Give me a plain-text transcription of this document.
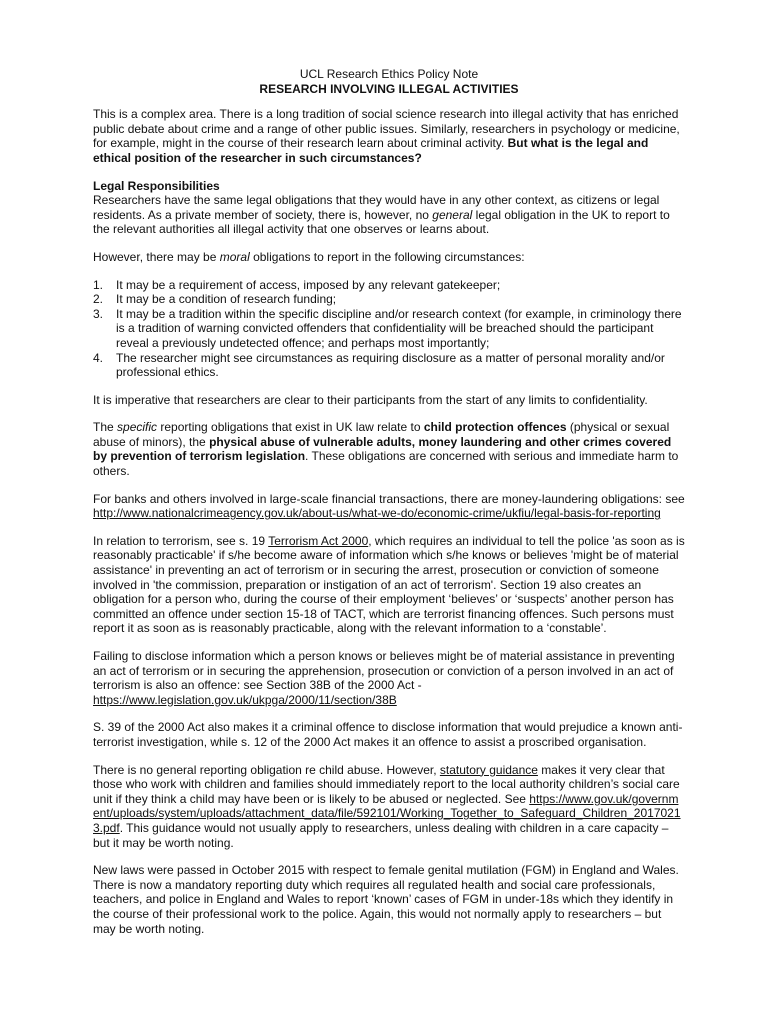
UCL Research Ethics Policy Note
RESEARCH INVOLVING ILLEGAL ACTIVITIES

This is a complex area. There is a long tradition of social science research into illegal activity that has enriched public debate about crime and a range of other public issues. Similarly, researchers in psychology or medicine, for example, might in the course of their research learn about criminal activity. But what is the legal and ethical position of the researcher in such circumstances?

Legal Responsibilities
Researchers have the same legal obligations that they would have in any other context, as citizens or legal residents. As a private member of society, there is, however, no general legal obligation in the UK to report to the relevant authorities all illegal activity that one observes or learns about.

However, there may be moral obligations to report in the following circumstances:

1. It may be a requirement of access, imposed by any relevant gatekeeper;
2. It may be a condition of research funding;
3. It may be a tradition within the specific discipline and/or research context (for example, in criminology there is a tradition of warning convicted offenders that confidentiality will be breached should the participant reveal a previously undetected offence; and perhaps most importantly;
4. The researcher might see circumstances as requiring disclosure as a matter of personal morality and/or professional ethics.

It is imperative that researchers are clear to their participants from the start of any limits to confidentiality.

The specific reporting obligations that exist in UK law relate to child protection offences (physical or sexual abuse of minors), the physical abuse of vulnerable adults, money laundering and other crimes covered by prevention of terrorism legislation. These obligations are concerned with serious and immediate harm to others.

For banks and others involved in large-scale financial transactions, there are money-laundering obligations: see http://www.nationalcrimeagency.gov.uk/about-us/what-we-do/economic-crime/ukfiu/legal-basis-for-reporting

In relation to terrorism, see s. 19 Terrorism Act 2000, which requires an individual to tell the police 'as soon as is reasonably practicable' if s/he become aware of information which s/he knows or believes 'might be of material assistance' in preventing an act of terrorism or in securing the arrest, prosecution or conviction of someone involved in 'the commission, preparation or instigation of an act of terrorism'. Section 19 also creates an obligation for a person who, during the course of their employment ‘believes’ or ‘suspects’ another person has committed an offence under section 15-18 of TACT, which are terrorist financing offences. Such persons must report it as soon as is reasonably practicable, along with the relevant information to a ‘constable’.

Failing to disclose information which a person knows or believes might be of material assistance in preventing an act of terrorism or in securing the apprehension, prosecution or conviction of a person involved in an act of terrorism is also an offence: see Section 38B of the 2000 Act - https://www.legislation.gov.uk/ukpga/2000/11/section/38B

S. 39 of the 2000 Act also makes it a criminal offence to disclose information that would prejudice a known anti-terrorist investigation, while s. 12 of the 2000 Act makes it an offence to assist a proscribed organisation.

There is no general reporting obligation re child abuse. However, statutory guidance makes it very clear that those who work with children and families should immediately report to the local authority children’s social care unit if they think a child may have been or is likely to be abused or neglected. See https://www.gov.uk/government/uploads/system/uploads/attachment_data/file/592101/Working_Together_to_Safeguard_Children_20170213.pdf. This guidance would not usually apply to researchers, unless dealing with children in a care capacity – but it may be worth noting.

New laws were passed in October 2015 with respect to female genital mutilation (FGM) in England and Wales. There is now a mandatory reporting duty which requires all regulated health and social care professionals, teachers, and police in England and Wales to report ‘known’ cases of FGM in under-18s which they identify in the course of their professional work to the police. Again, this would not normally apply to researchers – but may be worth noting.
